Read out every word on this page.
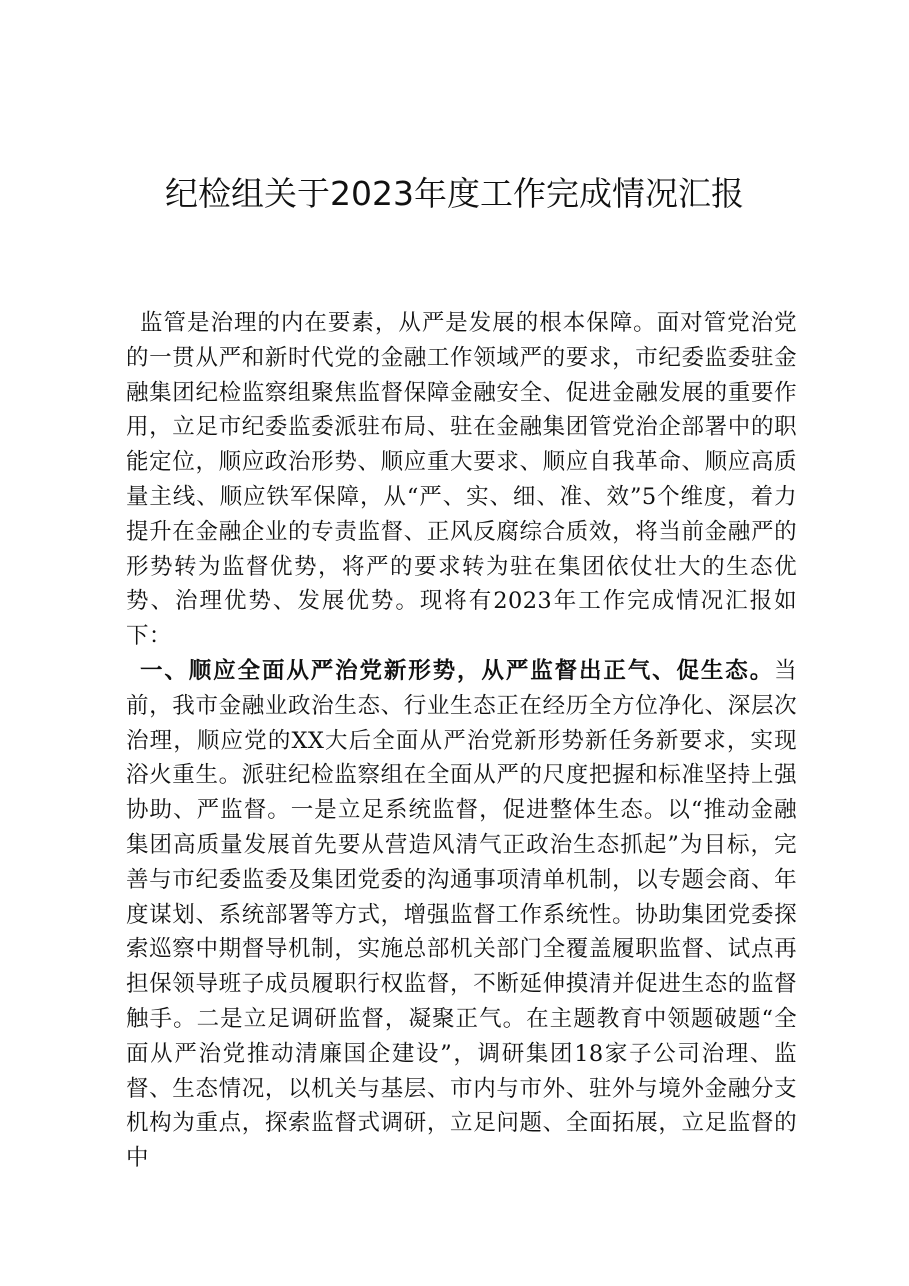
纪检组关于2023年度工作完成情况汇报

监管是治理的内在要素，从严是发展的根本保障。面对管党治党的一贯从严和新时代党的金融工作领域严的要求，市纪委监委驻金融集团纪检监察组聚焦监督保障金融安全、促进金融发展的重要作用，立足市纪委监委派驻布局、驻在金融集团管党治企部署中的职能定位，顺应政治形势、顺应重大要求、顺应自我革命、顺应高质量主线、顺应铁军保障，从“严、实、细、准、效”5个维度，着力提升在金融企业的专责监督、正风反腐综合质效，将当前金融严的形势转为监督优势，将严的要求转为驻在集团依仗壮大的生态优势、治理优势、发展优势。现将有2023年工作完成情况汇报如下：

一、顺应全面从严治党新形势，从严监督出正气、促生态。当前，我市金融业政治生态、行业生态正在经历全方位净化、深层次治理，顺应党的XX大后全面从严治党新形势新任务新要求，实现浴火重生。派驻纪检监察组在全面从严的尺度把握和标准坚持上强协助、严监督。一是立足系统监督，促进整体生态。以“推动金融集团高质量发展首先要从营造风清气正政治生态抓起”为目标，完善与市纪委监委及集团党委的沟通事项清单机制，以专题会商、年度谋划、系统部署等方式，增强监督工作系统性。协助集团党委探索巡察中期督导机制，实施总部机关部门全覆盖履职监督、试点再担保领导班子成员履职行权监督，不断延伸摸清并促进生态的监督触手。二是立足调研监督，凝聚正气。在主题教育中领题破题“全面从严治党推动清廉国企建设”，调研集团18家子公司治理、监督、生态情况，以机关与基层、市内与市外、驻外与境外金融分支机构为重点，探索监督式调研，立足问题、全面拓展，立足监督的中
